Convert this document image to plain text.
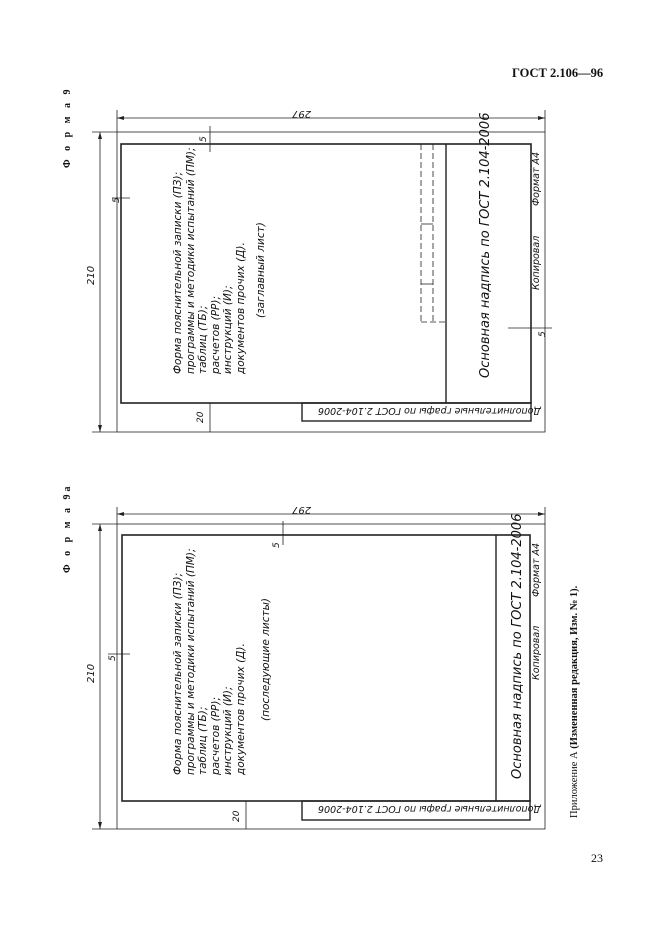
ГОСТ 2.106—96
23
Ф о р м а 9	297
210
5
5
5
20
Форма пояснительной записки (ПЗ); программы и методики испытаний (ПМ); таблиц (ТБ); расчетов (РР); инструкций (И); документов прочих (Д). (заглавный лист)	Основная надпись по ГОСТ 2.104-2006	Формат А4
Копировал
Дополнительные графы по ГОСТ 2.104-2006
Ф о р м а 9а	297
210
5
5
20
Форма пояснительной записки (ПЗ); программы и методики испытаний (ПМ); таблиц (ТБ); расчетов (РР); инструкций (И); документов прочих (Д). (последующие листы)	Основная надпись по ГОСТ 2.104-2006 Формат А4
Копировал
Дополнительные графы по ГОСТ 2.104-2006	Приложение А (Измененная редакция, Изм. № 1).
